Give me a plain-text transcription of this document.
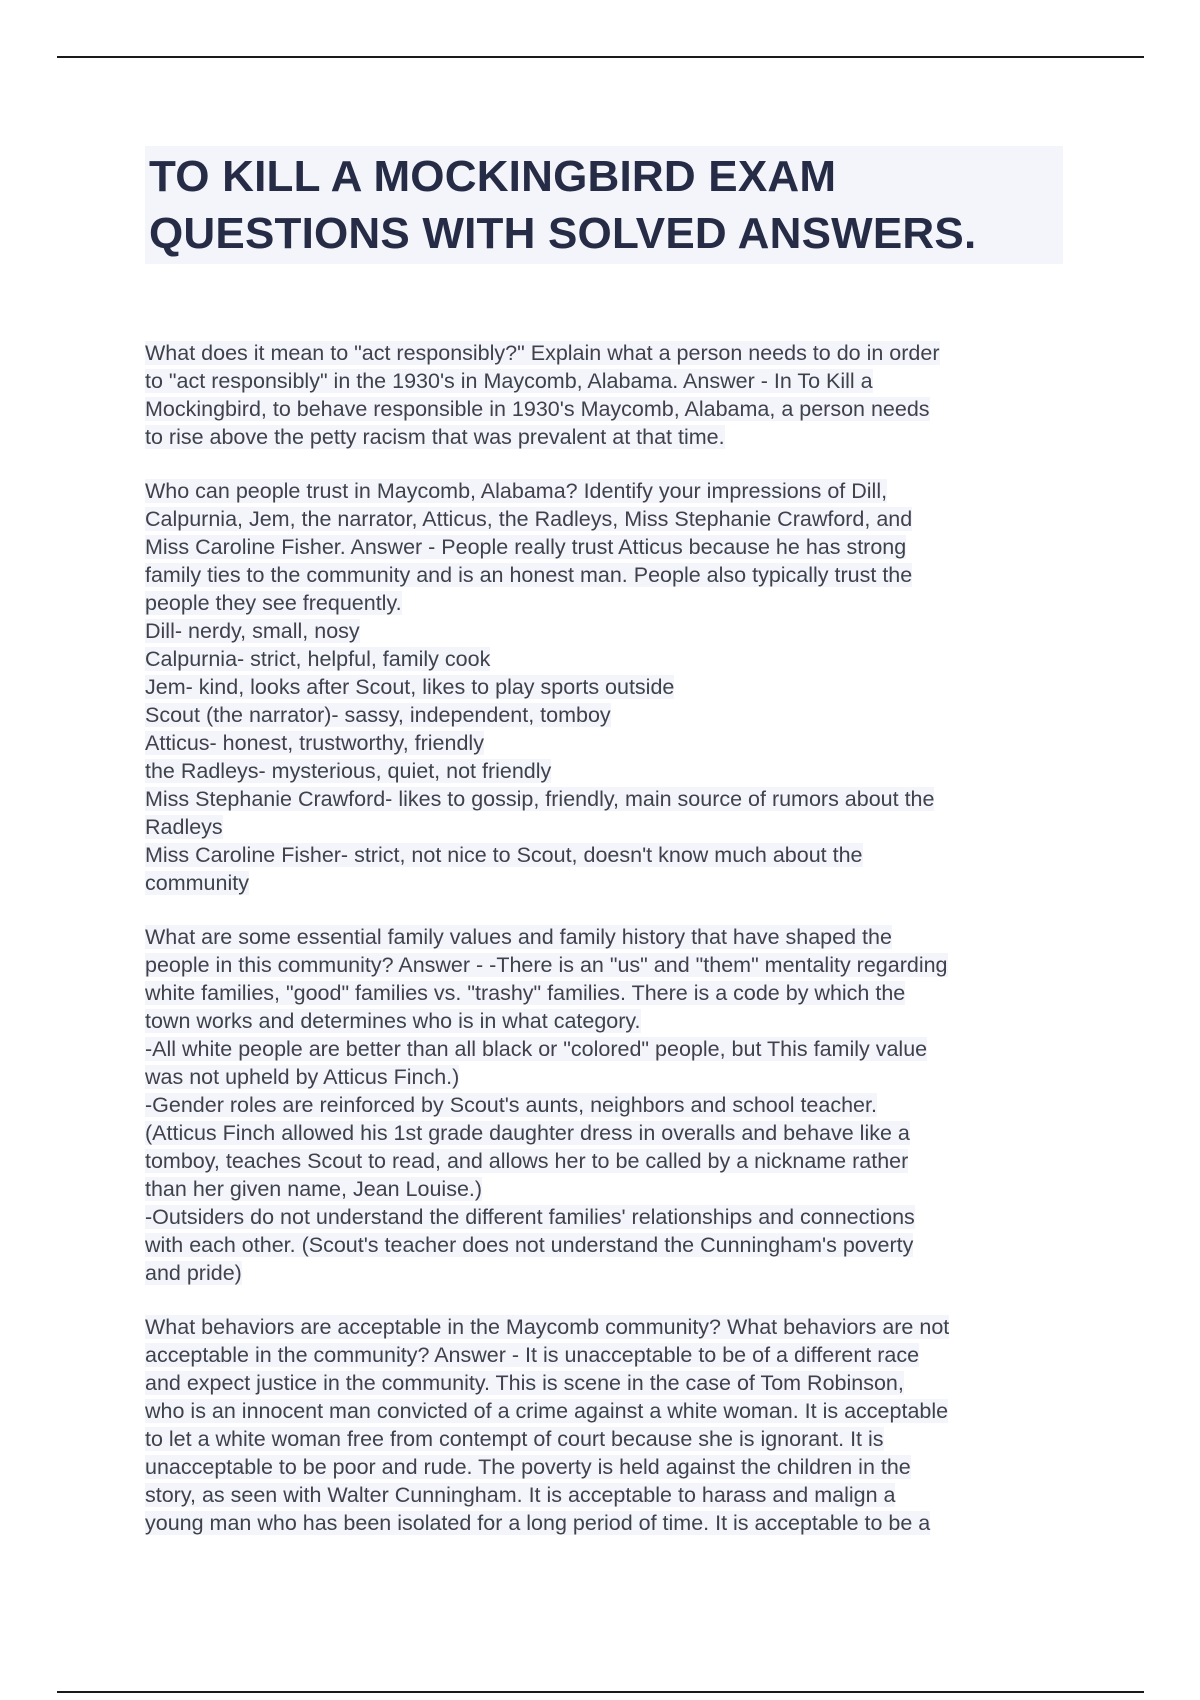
TO KILL A MOCKINGBIRD EXAM
QUESTIONS WITH SOLVED ANSWERS.
What does it mean to "act responsibly?" Explain what a person needs to do in order
to "act responsibly" in the 1930's in Maycomb, Alabama. Answer - In To Kill a
Mockingbird, to behave responsible in 1930's Maycomb, Alabama, a person needs
to rise above the petty racism that was prevalent at that time.
Who can people trust in Maycomb, Alabama? Identify your impressions of Dill,
Calpurnia, Jem, the narrator, Atticus, the Radleys, Miss Stephanie Crawford, and
Miss Caroline Fisher. Answer - People really trust Atticus because he has strong
family ties to the community and is an honest man. People also typically trust the
people they see frequently.
Dill- nerdy, small, nosy
Calpurnia- strict, helpful, family cook
Jem- kind, looks after Scout, likes to play sports outside
Scout (the narrator)- sassy, independent, tomboy
Atticus- honest, trustworthy, friendly
the Radleys- mysterious, quiet, not friendly
Miss Stephanie Crawford- likes to gossip, friendly, main source of rumors about the
Radleys
Miss Caroline Fisher- strict, not nice to Scout, doesn't know much about the
community
What are some essential family values and family history that have shaped the
people in this community? Answer - -There is an "us" and "them" mentality regarding
white families, "good" families vs. "trashy" families. There is a code by which the
town works and determines who is in what category.
-All white people are better than all black or "colored" people, but This family value
was not upheld by Atticus Finch.)
-Gender roles are reinforced by Scout's aunts, neighbors and school teacher.
(Atticus Finch allowed his 1st grade daughter dress in overalls and behave like a
tomboy, teaches Scout to read, and allows her to be called by a nickname rather
than her given name, Jean Louise.)
-Outsiders do not understand the different families' relationships and connections
with each other. (Scout's teacher does not understand the Cunningham's poverty
and pride)
What behaviors are acceptable in the Maycomb community? What behaviors are not
acceptable in the community? Answer - It is unacceptable to be of a different race
and expect justice in the community. This is scene in the case of Tom Robinson,
who is an innocent man convicted of a crime against a white woman. It is acceptable
to let a white woman free from contempt of court because she is ignorant. It is
unacceptable to be poor and rude. The poverty is held against the children in the
story, as seen with Walter Cunningham. It is acceptable to harass and malign a
young man who has been isolated for a long period of time. It is acceptable to be a
